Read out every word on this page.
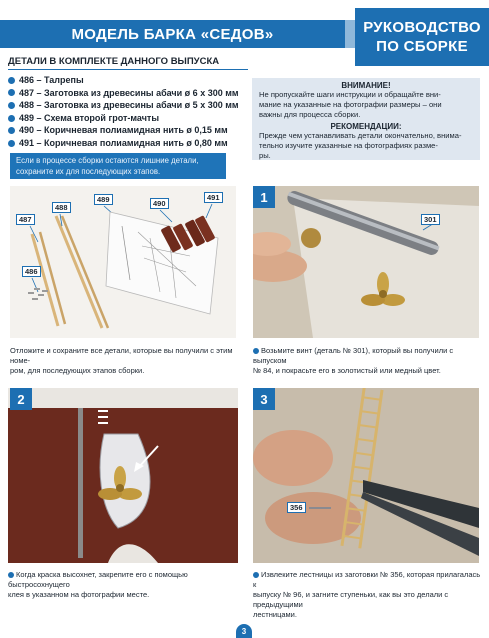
МОДЕЛЬ БАРКА «СЕДОВ»	РУКОВОДСТВО
ПО СБОРКЕ
ДЕТАЛИ В КОМПЛЕКТЕ ДАННОГО ВЫПУСКА
486 – Талрепы
487 – Заготовка из древесины абачи ø 6 x 300 мм
488 – Заготовка из древесины абачи ø 5 x 300 мм
489 – Схема второй грот-мачты
490 – Коричневая полиамидная нить ø 0,15 мм
491 – Коричневая полиамидная нить ø 0,80 мм
Если в процессе сборки остаются лишние детали,
сохраните их для последующих этапов.
ВНИМАНИЕ!
Не пропускайте шаги инструкции и обращайте вни-
мание на указанные на фотографии размеры – они
важны для процесса сборки.
РЕКОМЕНДАЦИИ:
Прежде чем устанавливать детали окончательно, внима-
тельно изучите указанные на фотографиях разме-
ры.
487
488
489	490
491
486
Отложите и сохраните все детали, которые вы получили с этим номе-
ром, для последующих этапов сборки.
1
301
Возьмите винт (деталь № 301), который вы получили с выпуском
№ 84, и покрасьте его в золотистый или медный цвет.
2
Когда краска высохнет, закрепите его с помощью быстросохнущего
клея в указанном на фотографии месте.
3
356
Извлеките лестницы из заготовки № 356, которая прилагалась к
выпуску № 96, и загните ступеньки, как вы это делали с предыдущими
лестницами.
3
